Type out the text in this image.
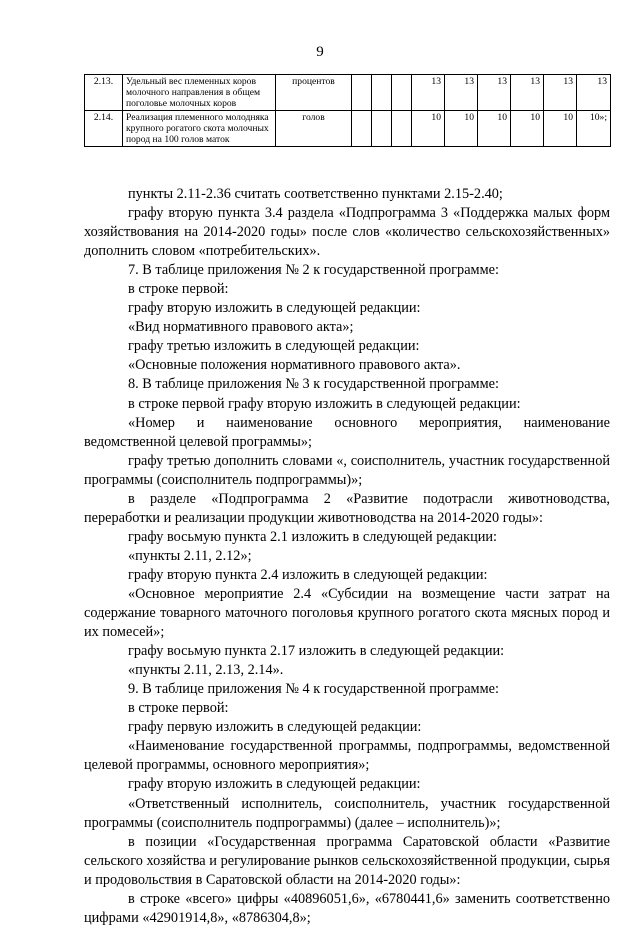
9
2.13.	Удельный вес племенных коров молочного направления в общем поголовье молочных коров	процентов				13	13	13	13	13	13
2.14.	Реализация племенного молодняка крупного рогатого скота молочных пород на 100 голов маток	голов				10	10	10	10	10	10»;

пункты 2.11-2.36 считать соответственно пунктами 2.15-2.40;

графу вторую пункта 3.4 раздела «Подпрограмма 3 «Поддержка малых форм хозяйствования на 2014-2020 годы» после слов «количество сельскохозяйственных» дополнить словом «потребительских».

7. В таблице приложения № 2 к государственной программе:

в строке первой:

графу вторую изложить в следующей редакции:

«Вид нормативного правового акта»;

графу третью изложить в следующей редакции:

«Основные положения нормативного правового акта».

8. В таблице приложения № 3 к государственной программе:

в строке первой графу вторую изложить в следующей редакции:

«Номер и наименование основного мероприятия, наименование ведомственной целевой программы»;

графу третью дополнить словами «, соисполнитель, участник государственной программы (соисполнитель подпрограммы)»;

в разделе «Подпрограмма 2 «Развитие подотрасли животноводства, переработки и реализации продукции животноводства на 2014-2020 годы»:

графу восьмую пункта 2.1 изложить в следующей редакции:

«пункты 2.11, 2.12»;

графу вторую пункта 2.4 изложить в следующей редакции:

«Основное мероприятие 2.4 «Субсидии на возмещение части затрат на содержание товарного маточного поголовья крупного рогатого скота мясных пород и их помесей»;

графу восьмую пункта 2.17 изложить в следующей редакции:

«пункты 2.11, 2.13, 2.14».

9. В таблице приложения № 4 к государственной программе:

в строке первой:

графу первую изложить в следующей редакции:

«Наименование государственной программы, подпрограммы, ведомственной целевой программы, основного мероприятия»;

графу вторую изложить в следующей редакции:

«Ответственный исполнитель, соисполнитель, участник государственной программы (соисполнитель подпрограммы) (далее – исполнитель)»;

в позиции «Государственная программа Саратовской области «Развитие сельского хозяйства и регулирование рынков сельскохозяйственной продукции, сырья и продовольствия в Саратовской области на 2014-2020 годы»:

в строке «всего» цифры «40896051,6», «6780441,6» заменить соответственно цифрами «42901914,8», «8786304,8»;
